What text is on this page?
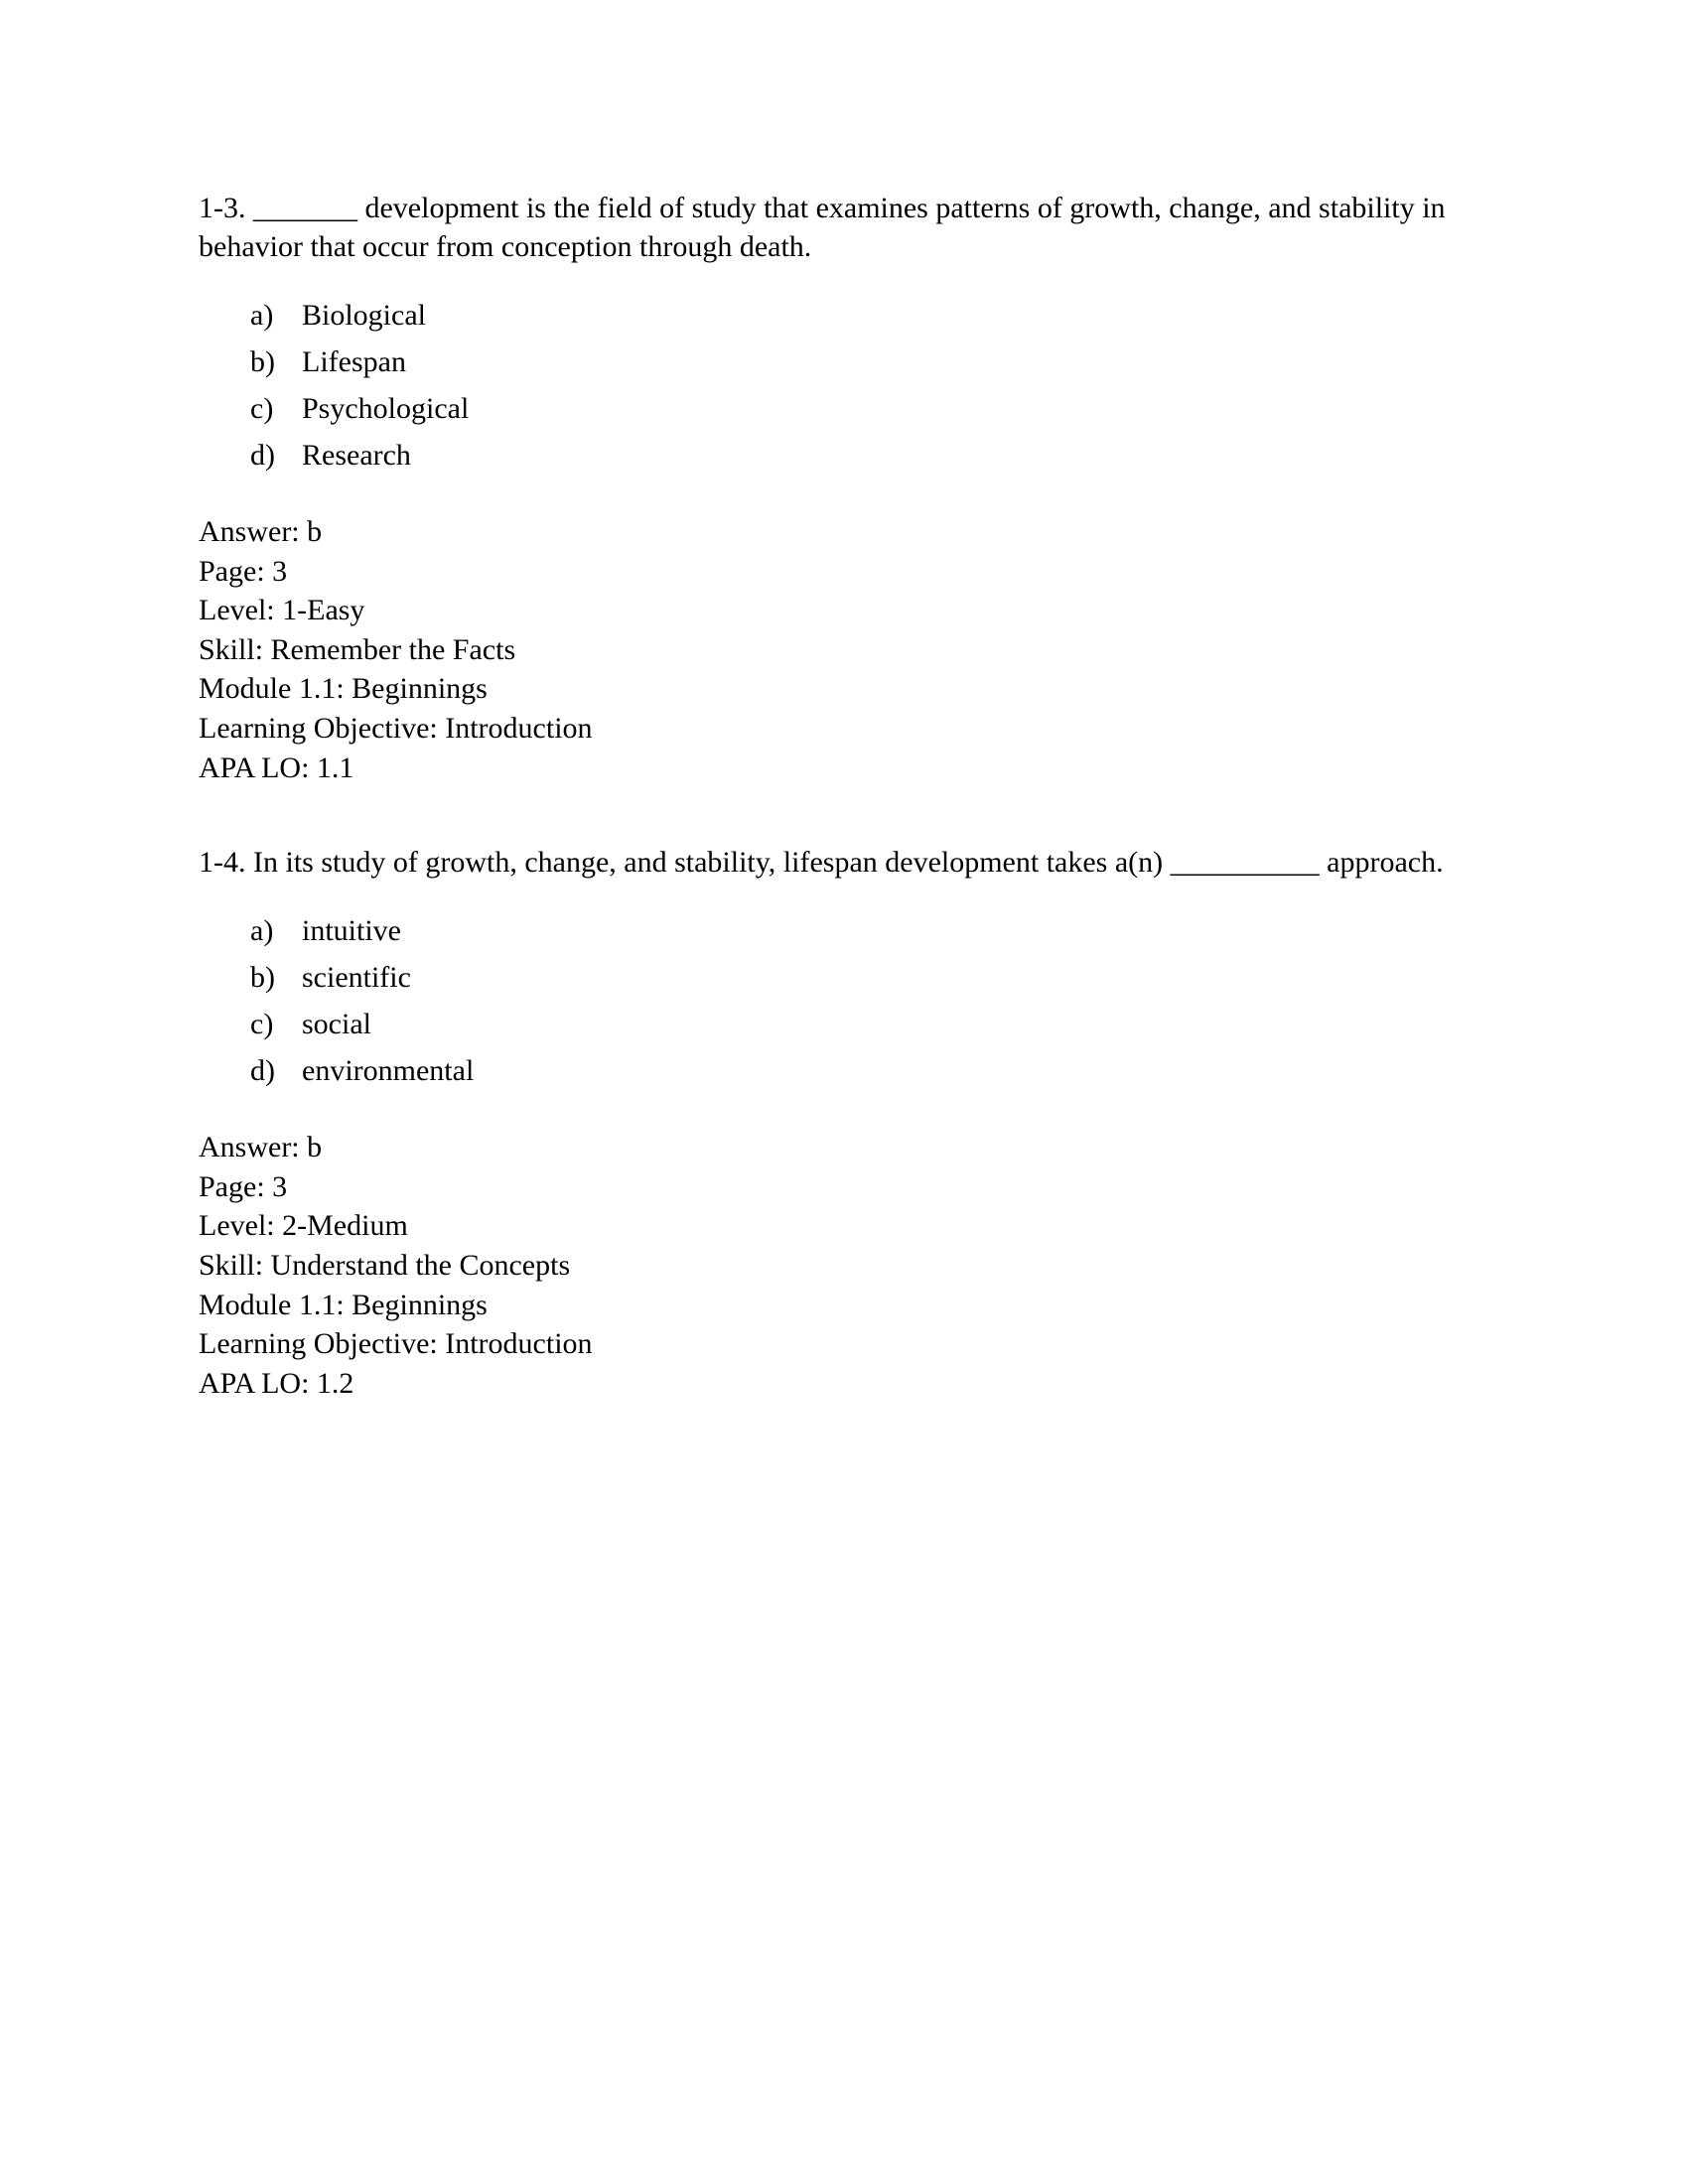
1-3. _______ development is the field of study that examines patterns of growth, change, and stability in behavior that occur from conception through death.

a) Biological
b) Lifespan
c) Psychological
d) Research
Answer: b
Page: 3
Level: 1-Easy
Skill: Remember the Facts
Module 1.1: Beginnings
Learning Objective: Introduction
APA LO: 1.1

1-4. In its study of growth, change, and stability, lifespan development takes a(n) __________ approach.

a) intuitive
b) scientific
c) social
d) environmental
Answer: b
Page: 3
Level: 2-Medium
Skill: Understand the Concepts
Module 1.1: Beginnings
Learning Objective: Introduction
APA LO: 1.2
